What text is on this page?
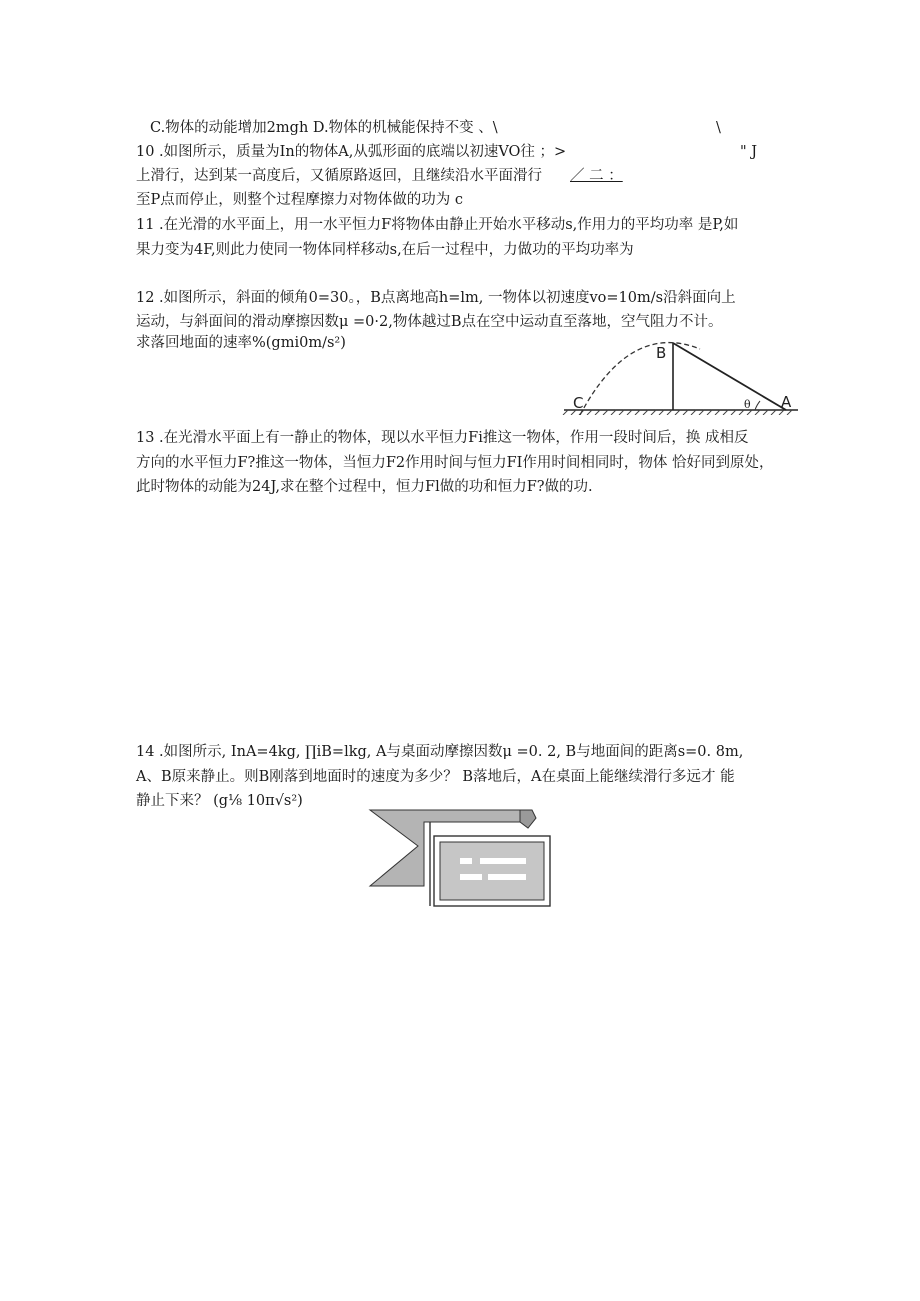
C.物体的动能增加2mgh D.物体的机械能保持不变 、\	\
10 .如图所示，质量为In的物体A,从弧形面的底端以初速VO往 ；>	" J
上滑行，达到某一高度后，又循原路返回，且继续沿水平面滑行 ／ 二 ：
至P点而停止，则整个过程摩擦力对物体做的功为 c
11 .在光滑的水平面上，用一水平恒力F将物体由静止开始水平移动s,作用力的平均功率 是P,如
果力变为4F,则此力使同一物体同样移动s,在后一过程中，力做功的平均功率为
12 .如图所示，斜面的倾角0=30。，B点离地高h=lm, 一物体以初速度vo=10m∕s沿斜面向上
运动，与斜面间的滑动摩擦因数μ =0·2,物体越过B点在空中运动直至落地，空气阻力不计。
求落回地面的速率%(gmi0m∕s²)
B
C	A
θ
13 .在光滑水平面上有一静止的物体，现以水平恒力Fi推这一物体，作用一段时间后，换 成相反
方向的水平恒力F?推这一物体，当恒力F2作用时间与恒力FI作用时间相同时，物体 恰好同到原处，
此时物体的动能为24J,求在整个过程中，恒力Fl做的功和恒力F?做的功.
14 .如图所示, InA=4kg, ∏iB=lkg, A与桌面动摩擦因数μ =0. 2, B与地面间的距离s=0. 8m,
A、B原来静止。则B刚落到地面时的速度为多少？ B落地后，A在桌面上能继续滑行多远才 能
静止下来？ (g⅛ 10π√s²)
